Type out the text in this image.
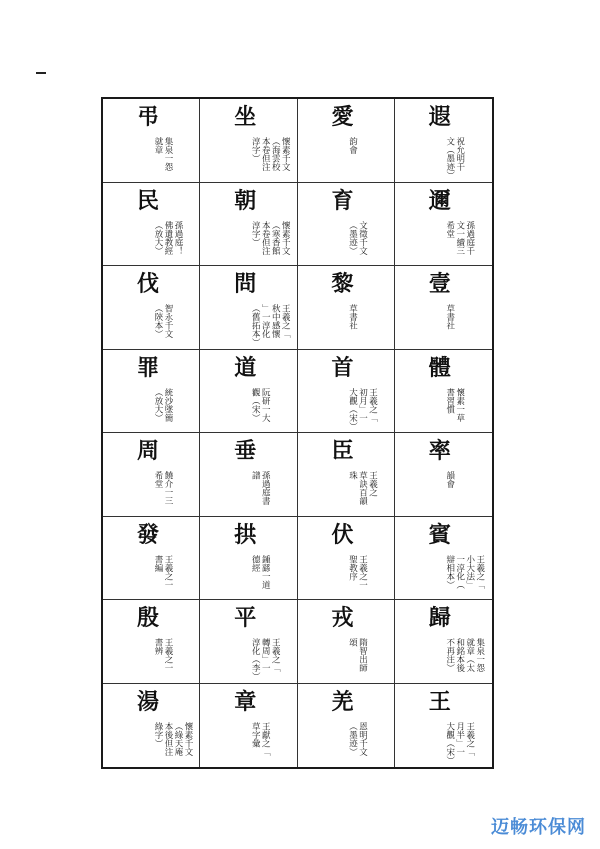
弔
集泉一怨
就章
坐
懷素千文
（海雲校
本卷但注
淳字）
愛
韵會
遐
祝允明千
文（墨迹）
民
孫過庭！
佛遺教經
（放大）
朝
懷素千文
（寒香館
本卷但注
淳字）
育
文徵千文
（墨迹）
邇
孫過庭千
文一續三
希堂
伐
智永千文
（陝本）
問
王羲之「
秋中感懷
」一淳化
（舊拓本）
黎
草書社
壹
草書社
罪
統沙墜簡
（放大）
道
阮研一大
觀（宋）
首
王羲之「
初月」一
大觀（宋）
體
懷素一草
書習慣
周
饒介一三
希堂
垂
孫過庭書
譜
臣
王羲之
草訣百韻
珠
率
韻會
發
王羲之一
書編
拱
鍾繇一道
德經
伏
王羲之一
聖教序
賓
王羲之「
小大法」
一淳化（
辯相本）
殷
王羲之一
書辨
平
王羲之「
轉周」一
淳化（李）
戎
隋智出師
頌
歸
集泉一怨
就章（太
和銘本後
不再注）
湯
懷素千文
（綠天庵
本後但注
綠字）
章
王獻之「
草字彙
羌
恩明千文
（墨迹）
王
王羲之「
月半」一
大觀（宋）
迈畅环保网
